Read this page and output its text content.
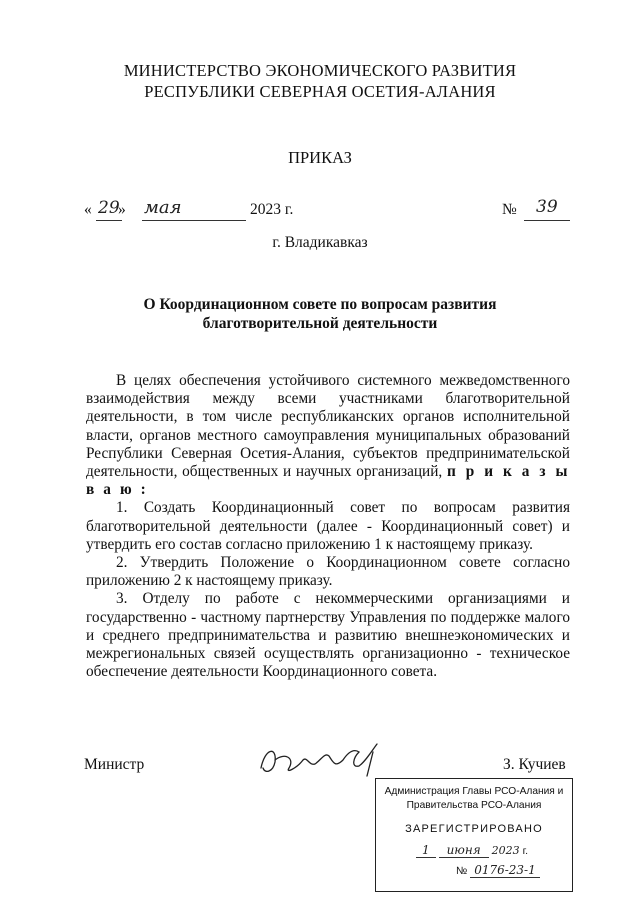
МИНИСТЕРСТВО ЭКОНОМИЧЕСКОГО РАЗВИТИЯ
РЕСПУБЛИКИ СЕВЕРНАЯ ОСЕТИЯ-АЛАНИЯ
ПРИКАЗ
« 29
» мая	2023 г.	№ 39
г. Владикавказ
О Координационном совете по вопросам развития
благотворительной деятельности

В целях обеспечения устойчивого системного межведомственного взаимодействия между всеми участниками благотворительной деятельности, в том числе республиканских органов исполнительной власти, органов местного самоуправления муниципальных образований Республики Северная Осетия-Алания, субъектов предпринимательской деятельности, общественных и научных организаций, п р и к а з ы в а ю :

1. Создать Координационный совет по вопросам развития благотворительной деятельности (далее - Координационный совет) и утвердить его состав согласно приложению 1 к настоящему приказу.

2. Утвердить Положение о Координационном совете согласно приложению 2 к настоящему приказу.

3. Отделу по работе с некоммерческими организациями и государственно - частному партнерству Управления по поддержке малого и среднего предпринимательства и развитию внешнеэкономических и межрегиональных связей осуществлять организационно - техническое обеспечение деятельности Координационного совета.

Министр	З. Кучиев
Администрация Главы РСО-Алания и
Правительства РСО-Алания
ЗАРЕГИСТРИРОВАНО
1 июня 2023 г.
№ 0176-23-1
